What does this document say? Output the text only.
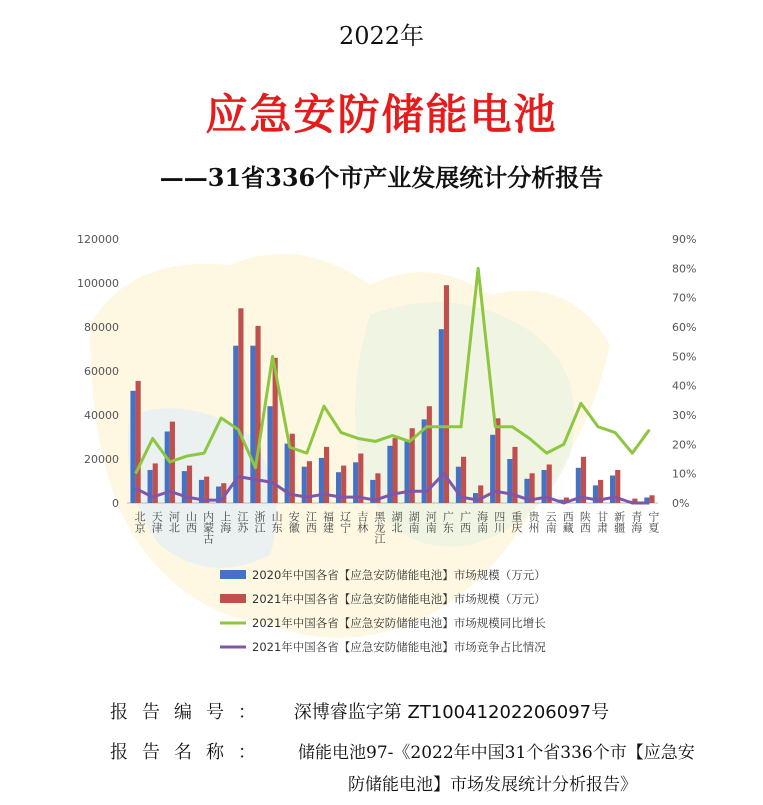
2022年
应急安防储能电池
——31省336个市产业发展统计分析报告
0
20000
40000
60000
80000
100000
120000
0%
10%
20%
30%
40%
50%
60%
70%
80%
90%
北京 天津 河北 山西 内蒙古 上海 江苏 浙江 山东 安徽 江西 福建 辽宁 吉林 黑龙江 湖北 湖南 河南 广东 广西 海南 四川 重庆 贵州 云南 西藏 陕西 甘肃 新疆 青海 宁夏
2020年中国各省【应急安防储能电池】市场规模（万元）
2021年中国各省【应急安防储能电池】市场规模（万元）
2021年中国各省【应急安防储能电池】市场规模同比增长
2021年中国各省【应急安防储能电池】市场竞争占比情况
报告编号： 深博睿监字第 ZT10041202206097号
报告名称： 储能电池97-《2022年中国31个省336个市【应急安
防储能电池】市场发展统计分析报告》
